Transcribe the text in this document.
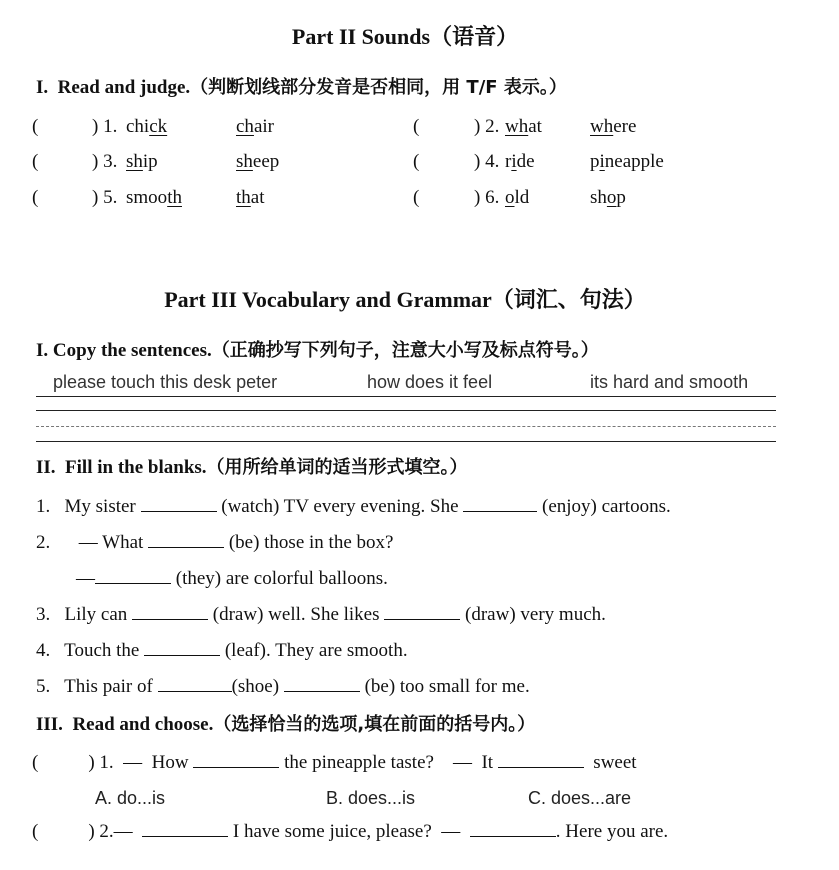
Part II Sounds（语音）
I. Read and judge.（判断划线部分发音是否相同，用 T/F 表示。）
(	) 1. chick	chair	(	) 2. what	where
(	) 3. ship	sheep	(	) 4. ride	pineapple
(	) 5. smooth	that	(	) 6. old	shop
Part III Vocabulary and Grammar（词汇、句法）
I. Copy the sentences.（正确抄写下列句子，注意大小写及标点符号。）
please touch this desk peter	how does it feel	its hard and smooth
II. Fill in the blanks.（用所给单词的适当形式填空。）
1. My sister	(watch) TV every evening. She	(enjoy) cartoons.
2. — What	(be) those in the box?
—	(they) are colorful balloons.
3. Lily can	(draw) well. She likes	(draw) very much.
4. Touch the	(leaf). They are smooth.
5. This pair of	(shoe)	(be) too small for me.
III. Read and choose.（选择恰当的选项,填在前面的括号内。）
(	) 1. — How	the pineapple taste? — It	sweet
A. do...is	B. does...is	C. does...are
(	) 2.—	I have some juice, please? —	. Here you are.
